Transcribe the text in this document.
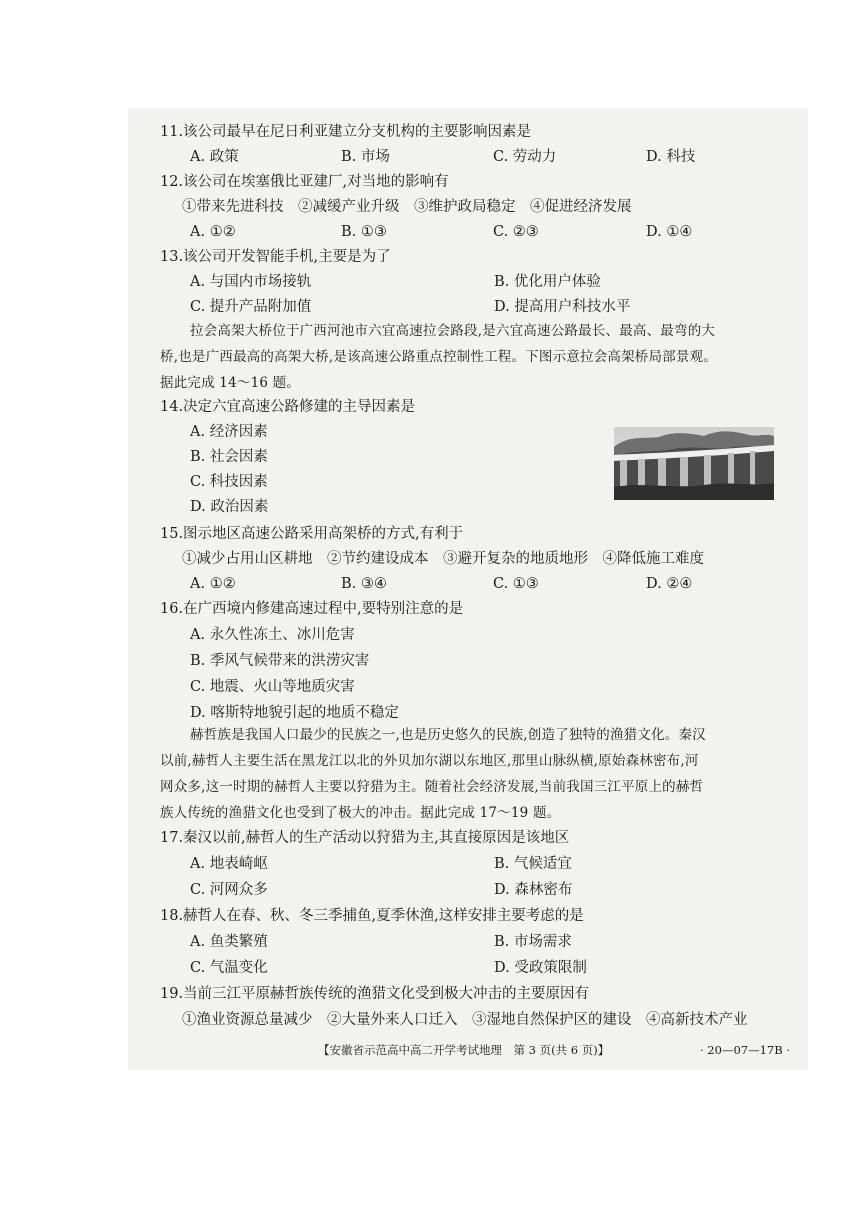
11.该公司最早在尼日利亚建立分支机构的主要影响因素是
A. 政策	B. 市场	C. 劳动力	D. 科技
12.该公司在埃塞俄比亚建厂,对当地的影响有
①带来先进科技　②减缓产业升级　③维护政局稳定　④促进经济发展
A. ①②	B. ①③	C. ②③	D. ①④
13.该公司开发智能手机,主要是为了
A. 与国内市场接轨	B. 优化用户体验
C. 提升产品附加值	D. 提高用户科技水平
拉会高架大桥位于广西河池市六宜高速拉会路段,是六宜高速公路最长、最高、最弯的大
桥,也是广西最高的高架大桥,是该高速公路重点控制性工程。下图示意拉会高架桥局部景观。
据此完成 14～16 题。
14.决定六宜高速公路修建的主导因素是
A. 经济因素
B. 社会因素
C. 科技因素
D. 政治因素
15.图示地区高速公路采用高架桥的方式,有利于
①减少占用山区耕地　②节约建设成本　③避开复杂的地质地形　④降低施工难度
A. ①②	B. ③④	C. ①③	D. ②④
16.在广西境内修建高速过程中,要特别注意的是
A. 永久性冻土、冰川危害
B. 季风气候带来的洪涝灾害
C. 地震、火山等地质灾害
D. 喀斯特地貌引起的地质不稳定
赫哲族是我国人口最少的民族之一,也是历史悠久的民族,创造了独特的渔猎文化。秦汉
以前,赫哲人主要生活在黑龙江以北的外贝加尔湖以东地区,那里山脉纵横,原始森林密布,河
网众多,这一时期的赫哲人主要以狩猎为主。随着社会经济发展,当前我国三江平原上的赫哲
族人传统的渔猎文化也受到了极大的冲击。据此完成 17～19 题。
17.秦汉以前,赫哲人的生产活动以狩猎为主,其直接原因是该地区
A. 地表崎岖	B. 气候适宜
C. 河网众多	D. 森林密布
18.赫哲人在春、秋、冬三季捕鱼,夏季休渔,这样安排主要考虑的是
A. 鱼类繁殖	B. 市场需求
C. 气温变化	D. 受政策限制
19.当前三江平原赫哲族传统的渔猎文化受到极大冲击的主要原因有
①渔业资源总量减少　②大量外来人口迁入　③湿地自然保护区的建设　④高新技术产业
【安徽省示范高中高二开学考试地理　第 3 页(共 6 页)】	· 20—07—17B ·
